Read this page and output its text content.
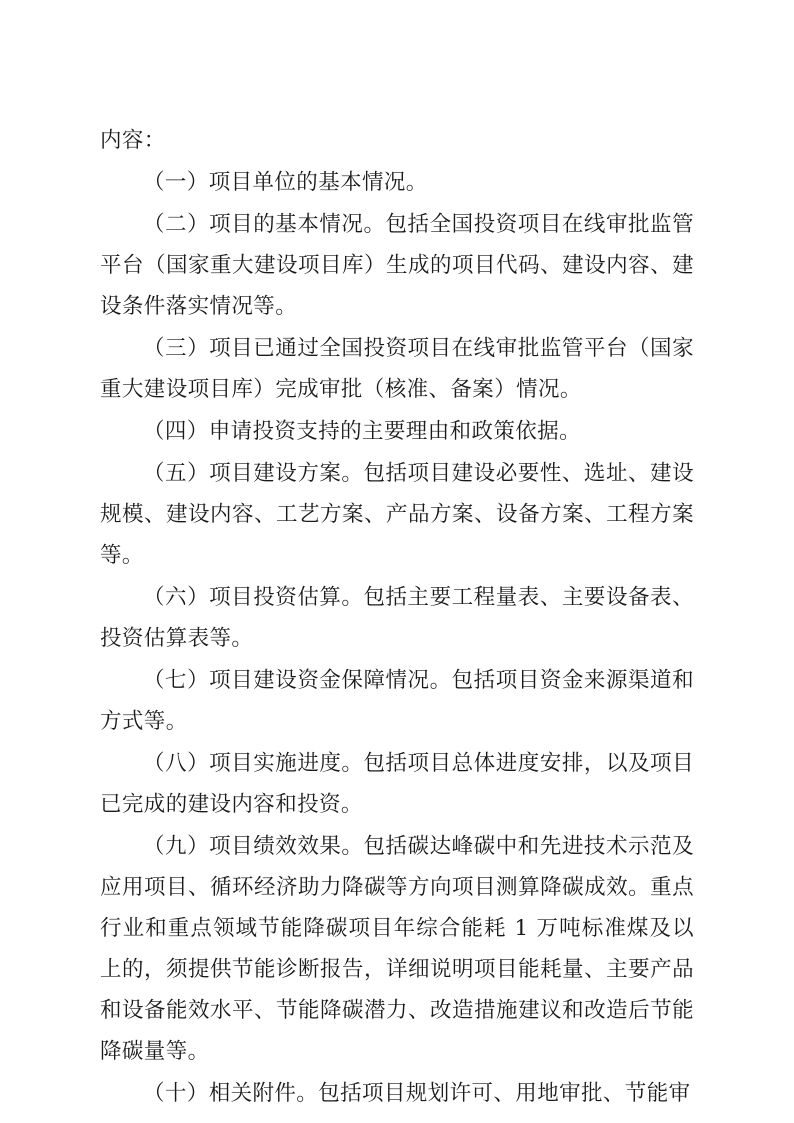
内容：

（一）项目单位的基本情况。

（二）项目的基本情况。包括全国投资项目在线审批监管平台（国家重大建设项目库）生成的项目代码、建设内容、建设条件落实情况等。

（三）项目已通过全国投资项目在线审批监管平台（国家重大建设项目库）完成审批（核准、备案）情况。

（四）申请投资支持的主要理由和政策依据。

（五）项目建设方案。包括项目建设必要性、选址、建设规模、建设内容、工艺方案、产品方案、设备方案、工程方案等。

（六）项目投资估算。包括主要工程量表、主要设备表、投资估算表等。

（七）项目建设资金保障情况。包括项目资金来源渠道和方式等。

（八）项目实施进度。包括项目总体进度安排，以及项目已完成的建设内容和投资。

（九）项目绩效效果。包括碳达峰碳中和先进技术示范及应用项目、循环经济助力降碳等方向项目测算降碳成效。重点行业和重点领域节能降碳项目年综合能耗 1 万吨标准煤及以上的，须提供节能诊断报告，详细说明项目能耗量、主要产品和设备能效水平、节能降碳潜力、改造措施建议和改造后节能降碳量等。

（十）相关附件。包括项目规划许可、用地审批、节能审
